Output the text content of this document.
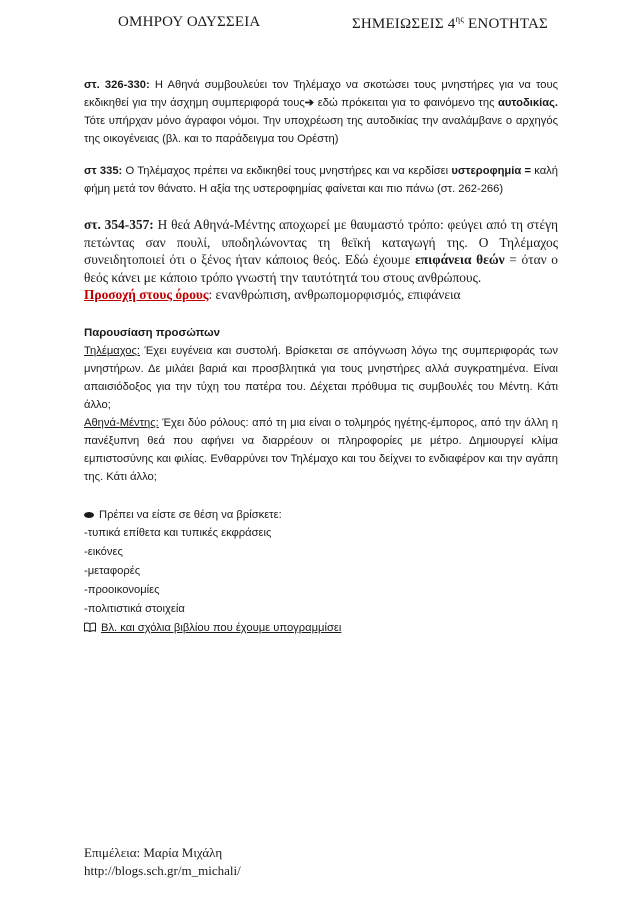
ΟΜΗΡΟΥ ΟΔΥΣΣΕΙΑ	ΣΗΜΕΙΩΣΕΙΣ $4^{\eta\varsigma}$ ΕΝΟΤΗΤΑΣ

στ. 326-330: Η Αθηνά συμβουλεύει τον Τηλέμαχο να σκοτώσει τους μνηστήρες για να τους εκδικηθεί για την άσχημη συμπεριφορά τους➔ εδώ πρόκειται για το φαινόμενο της αυτοδικίας. Τότε υπήρχαν μόνο άγραφοι νόμοι. Την υποχρέωση της αυτοδικίας την αναλάμβανε ο αρχηγός της οικογένειας (βλ. και το παράδειγμα του Ορέστη)

στ 335: Ο Τηλέμαχος πρέπει να εκδικηθεί τους μνηστήρες και να κερδίσει υστεροφημία = καλή φήμη μετά τον θάνατο. Η αξία της υστεροφημίας φαίνεται και πιο πάνω (στ. 262-266)

στ. 354-357: Η θεά Αθηνά-Μέντης αποχωρεί με θαυμαστό τρόπο: φεύγει από τη στέγη πετώντας σαν πουλί, υποδηλώνοντας τη θεϊκή καταγωγή της. Ο Τηλέμαχος συνειδητοποιεί ότι ο ξένος ήταν κάποιος θεός. Εδώ έχουμε επιφάνεια θεών = όταν ο θεός κάνει με κάποιο τρόπο γνωστή την ταυτότητά του στους ανθρώπους.
Προσοχή στους όρους: εvανθρώπιση, ανθρωπομορφισμός, επιφάνεια

Παρουσίαση προσώπων

Τηλέμαχος: Έχει ευγένεια και συστολή. Βρίσκεται σε απόγνωση λόγω της συμπεριφοράς των μνηστήρων. Δε μιλάει βαριά και προσβλητικά για τους μνηστήρες αλλά συγκρατημένα. Είναι απαισιόδοξος για την τύχη του πατέρα του. Δέχεται πρόθυμα τις συμβουλές του Μέντη. Κάτι άλλο;

Αθηνά-Μέντης: Έχει δύο ρόλους: από τη μια είναι ο τολμηρός ηγέτης-έμπορος, από την άλλη η πανέξυπνη θεά που αφήνει να διαρρέουν οι πληροφορίες με μέτρο. Δημιουργεί κλίμα εμπιστοσύνης και φιλίας. Ενθαρρύνει τον Τηλέμαχο και του δείχνει το ενδιαφέρον και την αγάπη της. Κάτι άλλο;

Πρέπει να είστε σε θέση να βρίσκετε:

-τυπικά επίθετα και τυπικές εκφράσεις
-εικόνες
-μεταφορές
-προοικονομίες
-πολιτιστικά στοιχεία

Βλ. και σχόλια βιβλίου που έχουμε υπογραμμίσει

Επιμέλεια: Μαρία Μιχάλη
http://blogs.sch.gr/m_michali/
